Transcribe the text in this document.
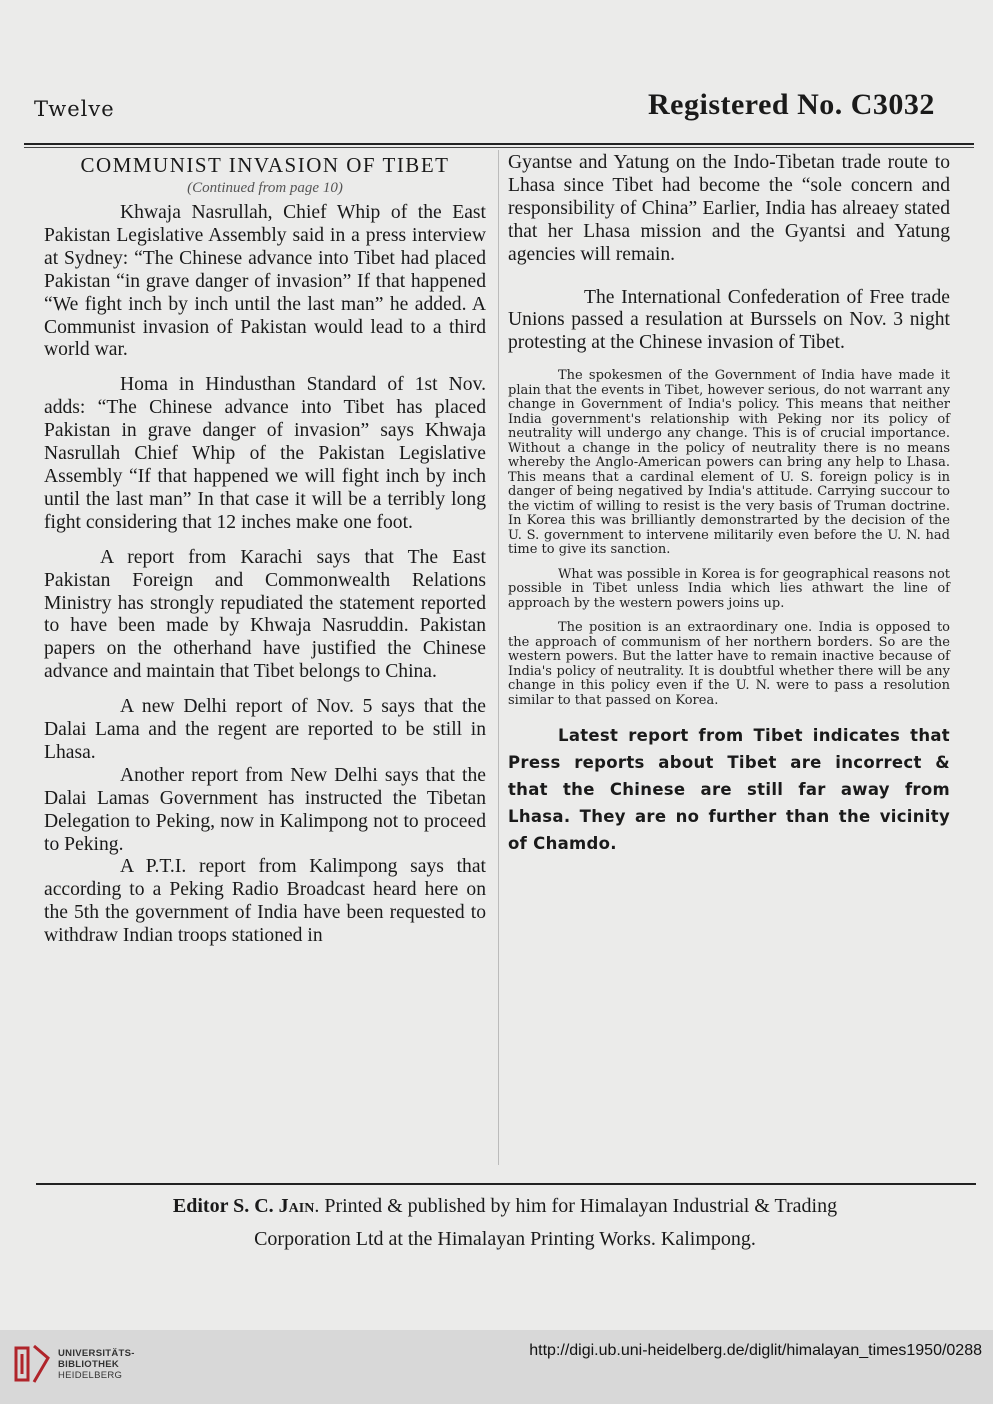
Twelve	Registered No. C3032

COMMUNIST INVASION OF TIBET

(Continued from page 10)

Khwaja Nasrullah, Chief Whip of the East Pakistan Legislative Assembly said in a press interview at Sydney: “The Chinese advance into Tibet had placed Pakistan “in grave danger of invasion” If that happened “We fight inch by inch until the last man” he added. A Communist invasion of Pakistan would lead to a third world war.

Homa in Hindusthan Standard of 1st Nov. adds: “The Chinese advance into Tibet has placed Pakistan in grave danger of invasion” says Khwaja Nasrullah Chief Whip of the Pakistan Legislative Assembly “If that happened we will fight inch by inch until the last man” In that case it will be a terribly long fight considering that 12 inches make one foot.

A report from Karachi says that The East Pakistan Foreign and Commonwealth Relations Ministry has strongly repudiated the statement reported to have been made by Khwaja Nasruddin. Pakistan papers on the otherhand have justified the Chinese advance and maintain that Tibet belongs to China.

A new Delhi report of Nov. 5 says that the Dalai Lama and the regent are reported to be still in Lhasa.

Another report from New Delhi says that the Dalai Lamas Government has instructed the Tibetan Delegation to Peking, now in Kalimpong not to proceed to Peking.

A P.T.I. report from Kalimpong says that according to a Peking Radio Broadcast heard here on the 5th the government of India have been requested to withdraw Indian troops stationed in

Gyantse and Yatung on the Indo-Tibetan trade route to Lhasa since Tibet had become the “sole concern and responsibility of China” Earlier, India has alreaey stated that her Lhasa mission and the Gyantsi and Yatung agencies will remain.

The International Confederation of Free trade Unions passed a resulation at Burssels on Nov. 3 night protesting at the Chinese invasion of Tibet.

The spokesmen of the Government of India have made it plain that the events in Tibet, however serious, do not warrant any change in Government of India's policy. This means that neither India government's relationship with Peking nor its policy of neutrality will undergo any change. This is of crucial importance. Without a change in the policy of neutrality there is no means whereby the Anglo-American powers can bring any help to Lhasa. This means that a cardinal element of U. S. foreign policy is in danger of being negatived by India's attitude. Carrying succour to the victim of willing to resist is the very basis of Truman doctrine. In Korea this was brilliantly demonstrarted by the decision of the U. S. government to intervene militarily even before the U. N. had time to give its sanction.

What was possible in Korea is for geographical reasons not possible in Tibet unless India which lies athwart the line of approach by the western powers joins up.

The position is an extraordinary one. India is opposed to the approach of communism of her northern borders. So are the western powers. But the latter have to remain inactive because of India's policy of neutrality. It is doubtful whether there will be any change in this policy even if the U. N. were to pass a resolution similar to that passed on Korea.

Latest report from Tibet indicates that Press reports about Tibet are incorrect & that the Chinese are still far away from Lhasa. They are no further than the vicinity of Chamdo.
Editor S. C. Jain. Printed & published by him for Himalayan Industrial & Trading
Corporation Ltd at the Himalayan Printing Works. Kalimpong.
UNIVERSITÄTS-
BIBLIOTHEK
HEIDELBERG
http://digi.ub.uni-heidelberg.de/diglit/himalayan_times1950/0288
